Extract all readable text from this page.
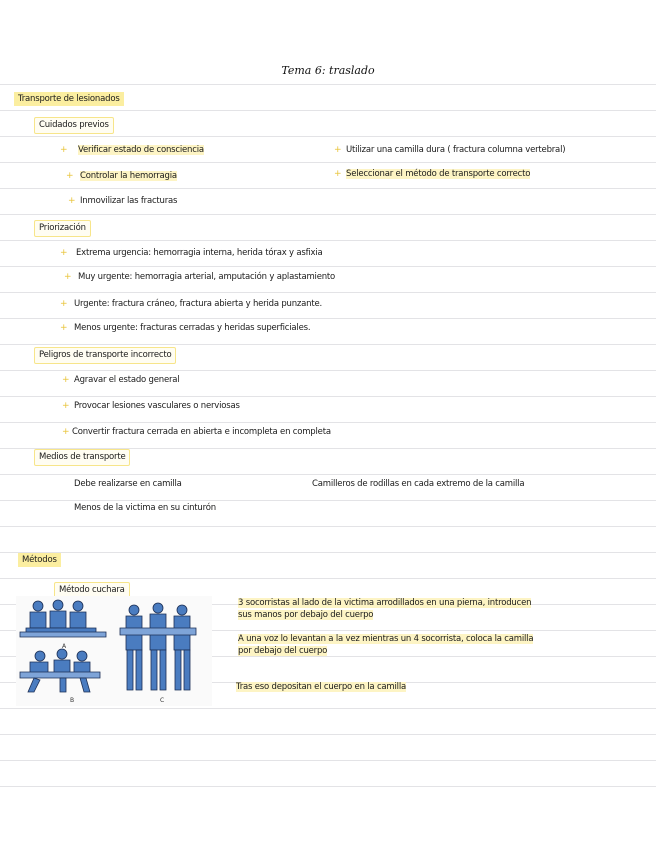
Tema 6: traslado
Transporte de lesionados
Cuidados previos
+ Verificar estado de consciencia
+ Controlar la hemorragia
+ Inmovilizar las fracturas
+ Utilizar una camilla dura ( fractura columna vertebral)
+ Seleccionar el método de transporte correcto
Priorización
+ Extrema urgencia: hemorragia interna, herida tórax y asfixia
+ Muy urgente: hemorragia arterial, amputación y aplastamiento
+ Urgente: fractura cráneo, fractura abierta y herida punzante.
+ Menos urgente: fracturas cerradas y heridas superficiales.
Peligros de transporte incorrecto
+ Agravar el estado general
+ Provocar lesiones vasculares o nerviosas
+ Convertir fractura cerrada en abierta e incompleta en completa
Medios de transporte
Debe realizarse en camilla	Camilleros de rodillas en cada extremo de la camilla
Menos de la victima en su cinturón
Métodos
Método cuchara
3 socorristas al lado de la victima arrodillados en una pierna, introducen
sus manos por debajo del cuerpo
A una voz lo levantan a la vez mientras un 4 socorrista, coloca la camilla
por debajo del cuerpo
Tras eso depositan el cuerpo en la camilla
A
B	C
